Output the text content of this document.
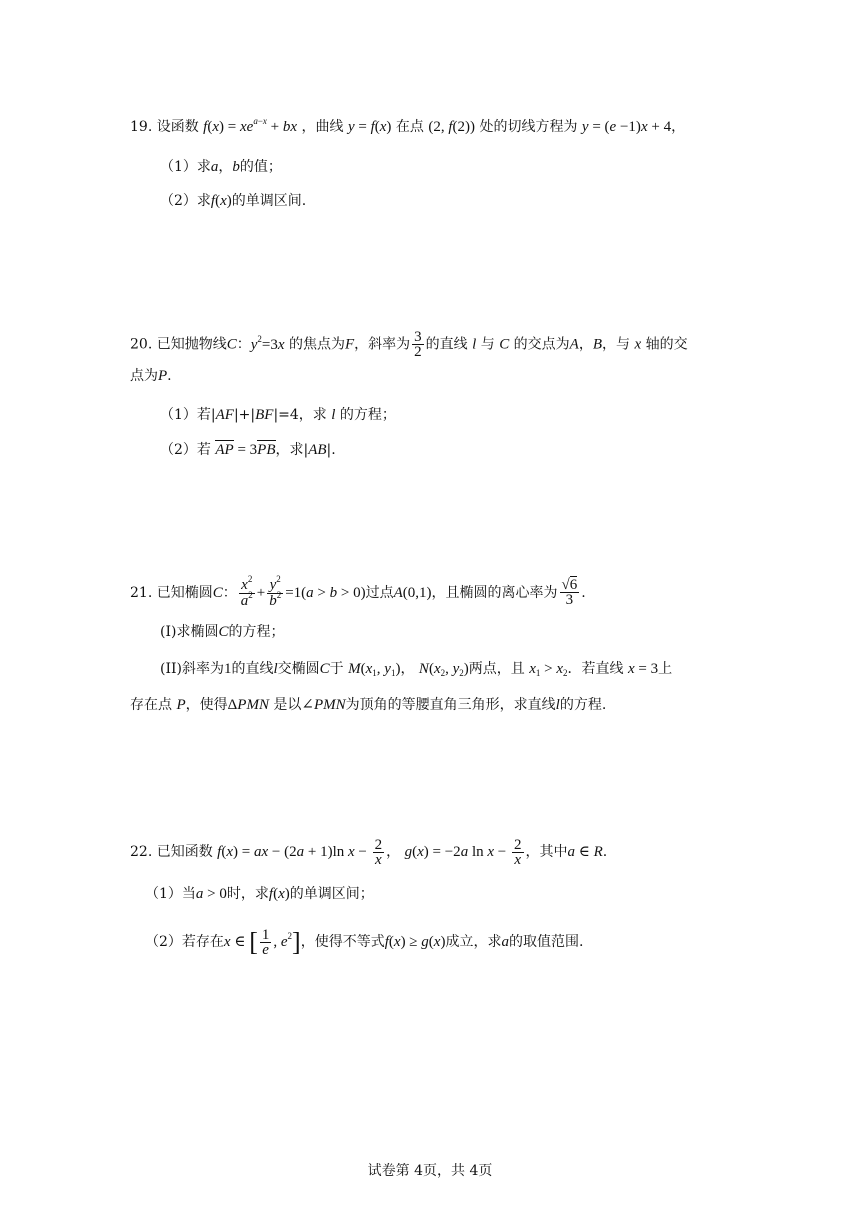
19. 设函数 $f(x) = xe^{a-x}$ + bx ，曲线 y = f(x) 在点 (2, f(2)) 处的切线方程为 y = (e −1)x + 4，
（1）求a，b的值；
（2）求f(x)的单调区间.
20. 已知抛物线C：$y^2=3x$ 的焦点为F，斜率为 $\frac{3}{2}$ 的直线 l 与 C 的交点为A，B，与 x 轴的交
点为P.
（1）若|AF|+|BF|=4，求 l 的方程；
（2）若 AP = 3PB，求|AB|.
21. 已知椭圆C： $\frac{x^2}{a^2} + \frac{y^2}{b^2} =1(a > b > 0)$过点A(0,1)，且椭圆的离心率为 $\frac{√6}{3}$ .
(I)求椭圆C的方程；
(II)斜率为1的直线l交椭圆C于 $M(x_1$, $y_1$)， $N(x_2$, $y_2$)两点，且 $x_1 > x_2$．若直线 x = 3上
存在点 P，使得ΔPMN 是以∠PMN为顶角的等腰直角三角形，求直线l的方程.
22. 已知函数 f(x) = ax − (2a + 1)ln $x - \frac{2}{x}$ ， g(x) = −2a $\ln x - \frac{2}{x}$ ，其中a ∈ R.
（1）当a > 0时，求f(x)的单调区间；
（2）若存在x ∈ [ $\frac{1}{e}$ , $e^2$]，使得不等式f(x) ≥ g(x)成立，求a的取值范围.
试卷第 4页，共 4页
